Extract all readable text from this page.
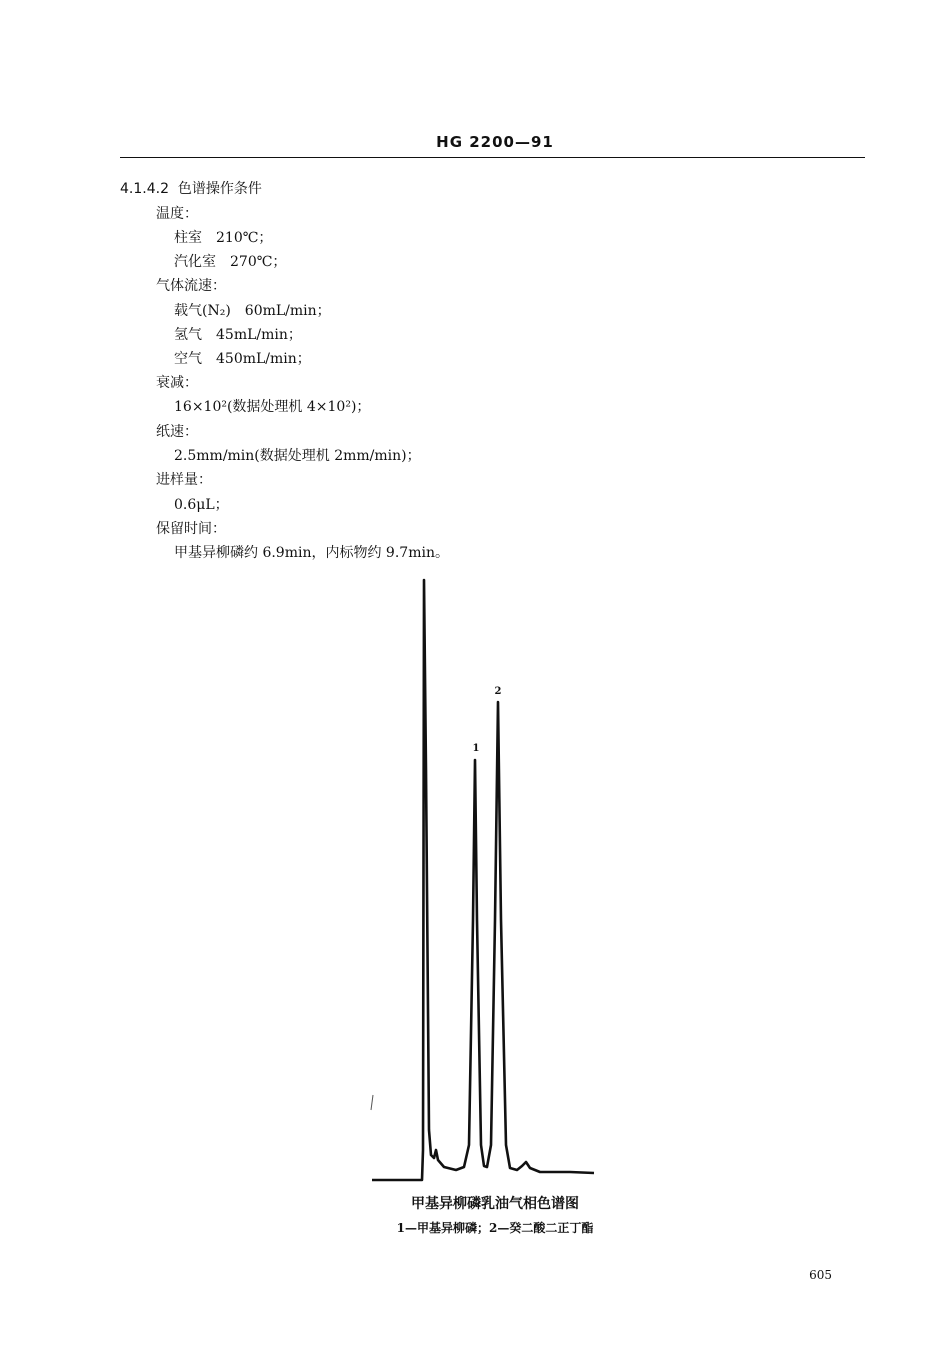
HG 2200—91
4.1.4.2 色谱操作条件
温度：
柱室　210℃；
汽化室　270℃；
气体流速：
载气(N₂)　60mL/min；
氢气　45mL/min；
空气　450mL/min；
衰减：
16×10²(数据处理机 4×10²)；
纸速：
2.5mm/min(数据处理机 2mm/min)；
进样量：
0.6μL；
保留时间：
甲基异柳磷约 6.9min，内标物约 9.7min。
1
2
甲基异柳磷乳油气相色谱图
1—甲基异柳磷；2—癸二酸二正丁酯
605
